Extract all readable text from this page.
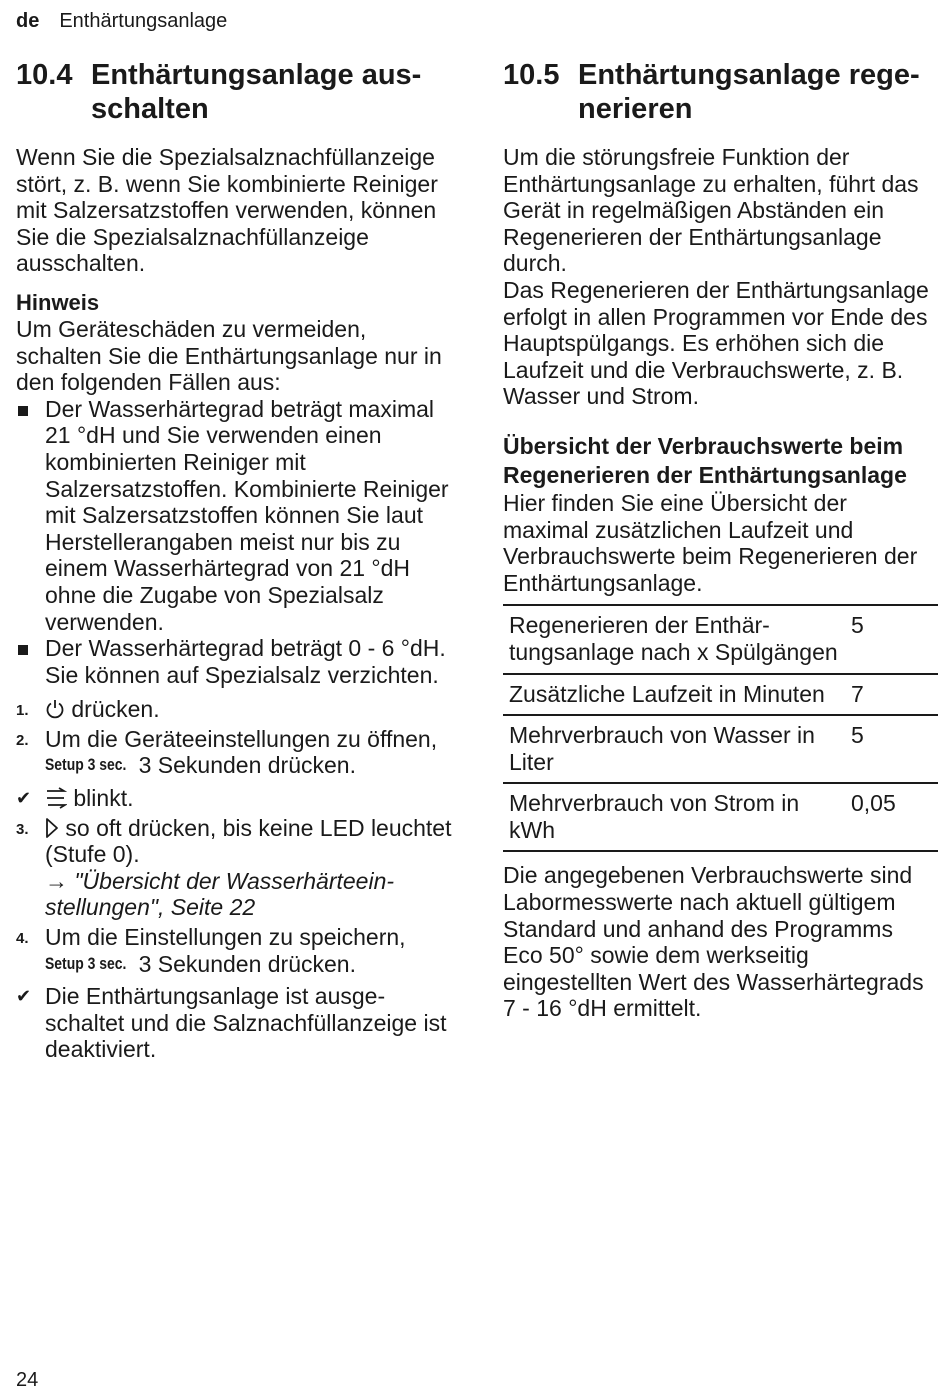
de Enthärtungsanlage
10.4 Enthärtungsanlage ausschalten

Wenn Sie die Spezialsalznachfüllanzeige stört, z. B. wenn Sie kombinierte Reiniger mit Salzersatzstoffen verwenden, können Sie die Spezialsalznachfüllanzeige ausschalten.

Hinweis

Um Geräteschäden zu vermeiden, schalten Sie die Enthärtungsanlage nur in den folgenden Fällen aus:

Der Wasserhärtegrad beträgt maximal 21 °dH und Sie verwenden einen kombinierten Reiniger mit Salzersatzstoffen. Kombinierte Reiniger mit Salzersatzstoffen können Sie laut Herstellerangaben meist nur bis zu einem Wasserhärtegrad von 21 °dH ohne die Zugabe von Spezialsalz verwenden.
Der Wasserhärtegrad beträgt 0 - 6 °dH. Sie können auf Spezialsalz verzichten.
1. drücken.
2. Um die Geräteeinstellungen zu öffnen, Setup 3 sec. 3 Sekunden drücken.
✔ blinkt.
3. so oft drücken, bis keine LED leuchtet (Stufe 0).
→ "Übersicht der Wasserhärteeinstellungen", Seite 22
4. Um die Einstellungen zu speichern, Setup 3 sec. 3 Sekunden drücken.
✔ Die Enthärtungsanlage ist ausgeschaltet und die Salznachfüllanzeige ist deaktiviert.
10.5 Enthärtungsanlage regenerieren

Um die störungsfreie Funktion der Enthärtungsanlage zu erhalten, führt das Gerät in regelmäßigen Abständen ein Regenerieren der Enthärtungsanlage durch.

Das Regenerieren der Enthärtungsanlage erfolgt in allen Programmen vor Ende des Hauptspülgangs. Es erhöhen sich die Laufzeit und die Verbrauchswerte, z. B. Wasser und Strom.

Übersicht der Verbrauchswerte beim Regenerieren der Enthärtungsanlage

Hier finden Sie eine Übersicht der maximal zusätzlichen Laufzeit und Verbrauchswerte beim Regenerieren der Enthärtungsanlage.

Regenerieren der Enthärtungsanlage nach x Spülgängen	5
Zusätzliche Laufzeit in Minuten	7
Mehrverbrauch von Wasser in Liter	5
Mehrverbrauch von Strom in kWh	0,05

Die angegebenen Verbrauchswerte sind Labormesswerte nach aktuell gültigem Standard und anhand des Programms Eco 50° sowie dem werkseitig eingestellten Wert des Wasserhärtegrads 7 - 16 °dH ermittelt.

24
